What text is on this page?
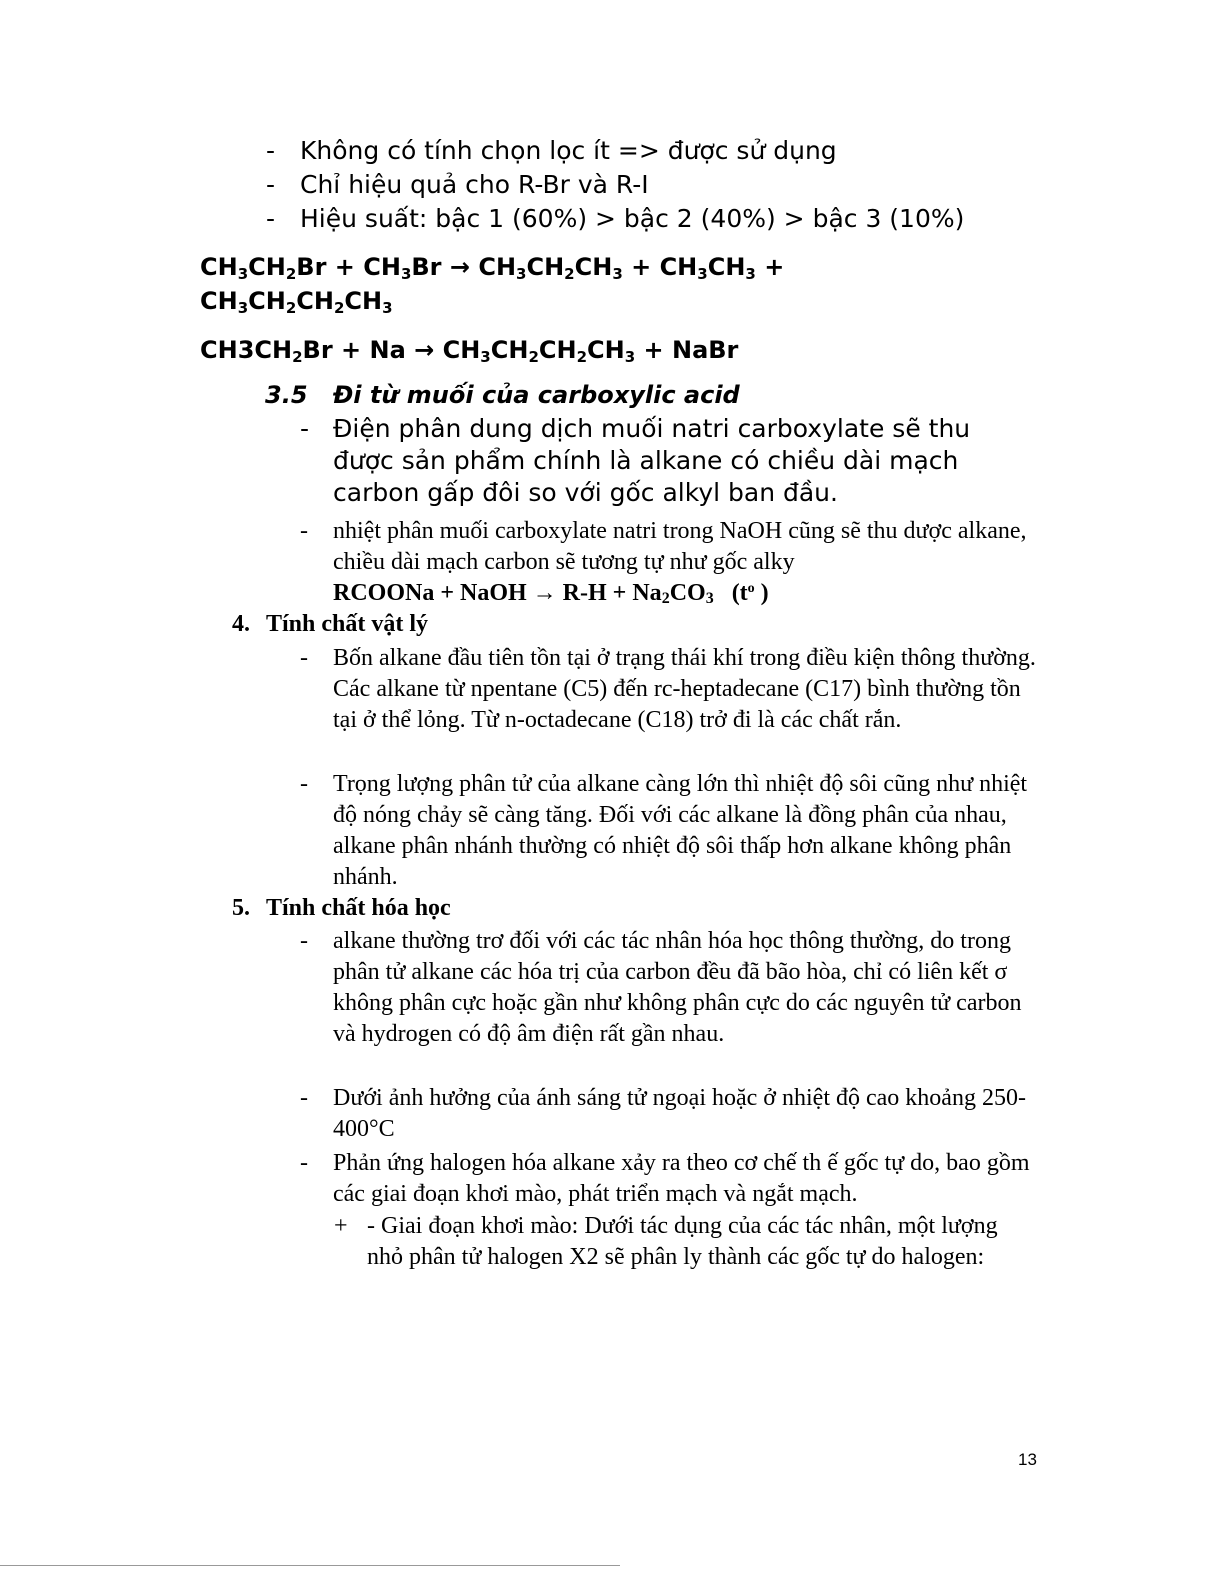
- Không có tính chọn lọc ít => được sử dụng
- Chỉ hiệu quả cho R-Br và R-I
- Hiệu suất: bậc 1 (60%) > bậc 2 (40%) > bậc 3 (10%)
$CH_3CH_2Br + CH_3Br \to CH_3CH_2CH_3 + CH_3CH_3$ +
$CH_3CH_2CH_2CH_3$
$CH3CH_2Br + Na \to CH_3CH_2CH_2CH_3$ + NaBr
3.5 Đi từ muối của carboxylic acid
- Điện phân dung dịch muối natri carboxylate sẽ thu được sản phẩm chính là alkane có chiều dài mạch carbon gấp đôi so với gốc alkyl ban đầu.
-	nhiệt phân muối carboxylate natri trong NaOH cũng sẽ thu dược alkane, chiều dài mạch carbon sẽ tương tự như gốc alky
RCOONa + NaOH → $R-H + Na_2CO_3$   ($t^o$ )
4. Tính chất vật lý
-	Bốn alkane đầu tiên tồn tại ở trạng thái khí trong điều kiện thông thường. Các alkane từ npentane (C5) đến rc-heptadecane (C17) bình thường tồn tại ở thể lỏng. Từ n-octadecane (C18) trở đi là các chất rắn.
-	Trọng lượng phân tử của alkane càng lớn thì nhiệt độ sôi cũng như nhiệt độ nóng chảy sẽ càng tăng. Đối với các alkane là đồng phân của nhau, alkane phân nhánh thường có nhiệt độ sôi thấp hơn alkane không phân nhánh.
5. Tính chất hóa học
-	alkane thường trơ đối với các tác nhân hóa học thông thường, do trong phân tử alkane các hóa trị của carbon đều đã bão hòa, chỉ có liên kết σ không phân cực hoặc gần như không phân cực do các nguyên tử carbon và hydrogen có độ âm điện rất gần nhau.
-	Dưới ảnh hưởng của ánh sáng tử ngoại hoặc ở nhiệt độ cao khoảng 250-400°C
-	Phản ứng halogen hóa alkane xảy ra theo cơ chế th ế gốc tự do, bao gồm các giai đoạn khơi mào, phát triển mạch và ngắt mạch.
+ - Giai đoạn khơi mào: Dưới tác dụng của các tác nhân, một lượng nhỏ phân tử halogen X2 sẽ phân ly thành các gốc tự do halogen:
13
